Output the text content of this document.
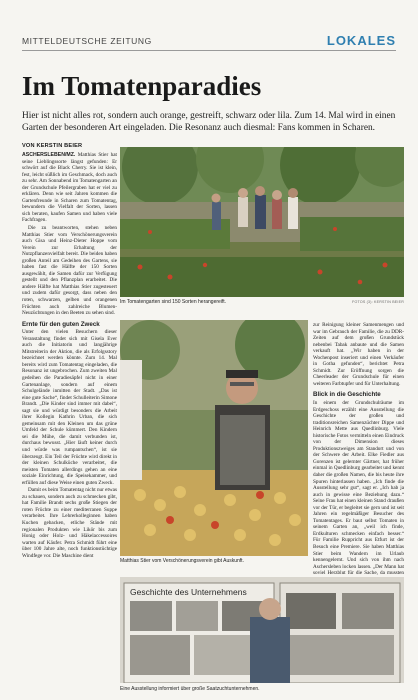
MITTELDEUTSCHE ZEITUNG	LOKALES
Im Tomatenparadies

Hier ist nicht alles rot, sondern auch orange, gestreift, schwarz oder lila. Zum 14. Mal wird in einen Garten der besonderen Art eingeladen. Die Resonanz auch diesmal: Fans kommen in Scharen.

VON KERSTIN BEIER

ASCHERSLEBEN/MZ. Matthias Stier hat seine Lieblingssorte längst gefunden: Er schwört auf die Black Cherry. Sie ist klein, fest, leicht süßlich im Geschmack, doch auch zu sehr. Am Sonnabend im Tomatengarten an der Grundschule Pfeilergraben hat er viel zu erklären. Denn wie seit Jahren kommen die Gartenfreunde in Scharen zum Tomatentag, bewundern die Vielfalt der Sorten, lassen sich beraten, kaufen Samen und haben viele Fachfragen.

Die zu beantworten, stehen neben Matthias Stier vom Verschönerungsverein auch Gisa und Heinz-Dieter Hoppe vom Verein zur Erhaltung der Nutzpflanzenvielfalt bereit. Die beiden haben großen Anteil am Gedeihen des Gartens, sie haben fast die Hälfte der 150 Sorten ausgewählt, die Samen dafür zur Verfügung gestellt und den Pflanzplan erarbeitet. Die andere Hälfte hat Matthias Stier zugesteuert und zudem dafür gesorgt, dass neben den roten, schwarzen, gelben und orangenen Früchten auch zahlreiche Blumen-Neuzüchtungen in den Beeten zu sehen sind.

Ernte für den guten Zweck

Unter den vielen Besuchern dieser Veranstaltung findet sich mit Gisela Ever auch die Initiatorin und langjährige Mitstreiterin der Aktion, die als Erfolgsstory bezeichnet werden könnte. Zum 14. Mal bereits wird zum Tomatentag eingeladen, die Resonanz ist ungebrochen. Zum zweiten Mal gedeihen die Paradiesäpfel nicht in einer Gartenanlage, sondern auf einem Schulgelände inmitten der Stadt. „Das ist eine gute Sache“, findet Schulleiterin Simone Brandt. „Die Kinder sind immer mit dabei“, sagt sie und würdigt besonders die Arbeit ihrer Kollegin Kathrin Urban, die sich gemeinsam mit den Kleinen um das grüne Umfeld der Schule kümmert. Den Kindern sei die Mühe, die damit verbunden ist, durchaus bewusst. „Hier läuft keiner durch und würde was rumpantschen“, ist sie überzeugt. Ein Teil der Früchte wird direkt in der kleinen Schulküche verarbeitet, die meisten Tomaten allerdings gehen an eine soziale Einrichtung, die Speisekammer, und erfüllen auf diese Weise einen guten Zweck.

Damit es beim Tomatentag nicht nur etwas zu schauen, sondern auch zu schmecken gibt, hat Familie Brandt sechs große Stiegen der roten Früchte zu einer mediterranen Suppe verarbeitet. Ihre Lehrerkolleginnen haben Kuchen gebacken, etliche Stände mit regionalen Produkten wie Likör bis zum Honig oder Holz- und Häkelaccessoires warten auf Käufer. Petra Schmidt führt eine über 100 Jahre alte, noch funktionstüchtige Windfege vor. Die Maschine dient

zur Reinigung kleiner Samenmengen und war im Gebrauch der Familie, die zu DDR-Zeiten auf dem großen Grundstück nebenbei Tabak anbaute und die Samen verkauft hat. „Wir haben in der Wochenpost inseriert und einen Verkäufer in Gotha gefunden“, berichtet Petra Schmidt. Zur Eröffnung sorgen die Cheerleader der Grundschule für einen weiteren Farbtupfer und für Unterhaltung.

Blick in die Geschichte

In einem der Grundschulräume im Erdgeschoss erzählt eine Ausstellung die Geschichte der großen und traditionsreichen Samenzüchter Dippe und Heinrich Mette aus Quedlinburg. Viele historische Fotos vermitteln einen Eindruck von der Dimension dieses Produktionszweiges am Standort und von der Schwere der Arbeit. Elke Fiedler aus Gorenzen ist gelernter Gärtner, hat früher einmal in Quedlinburg gearbeitet und kennt daher die großen Namen, die bis heute ihre Spuren hinterlassen haben. „Ich finde die Ausstellung sehr gut“, sagt er. „Ich hab ja auch in gewisse eine Beziehung dazu.“ Seine Frau hat einen kleinen Stand draußen vor der Tür, er begleitet sie gern und ist seit Jahren ein regelmäßiger Besucher des Tomatentages. Er baut selbst Tomaten in seinem Garten an, „weil ich finde, Erdkulturen schmecken einfach besser.“ Für Familie Ruppricht aus Etfurt ist der Besuch eine Premiere. Sie haben Matthias Stier beim Wandern im Urlaub kennengelernt. Und sich von ihm nach Aschersleben locken lassen. „Der Mann hat soviel Herzblut für die Sache, da mussten

Im Tomatengarten sind 150 Sorten herangereift.	FOTOS (3): KERSTIN BEIER
Matthias Stier vom Verschönerungsverein gibt Auskunft.
Geschichte des Unternehmens
Eine Ausstellung informiert über große Saatzuchtunternehmen.
